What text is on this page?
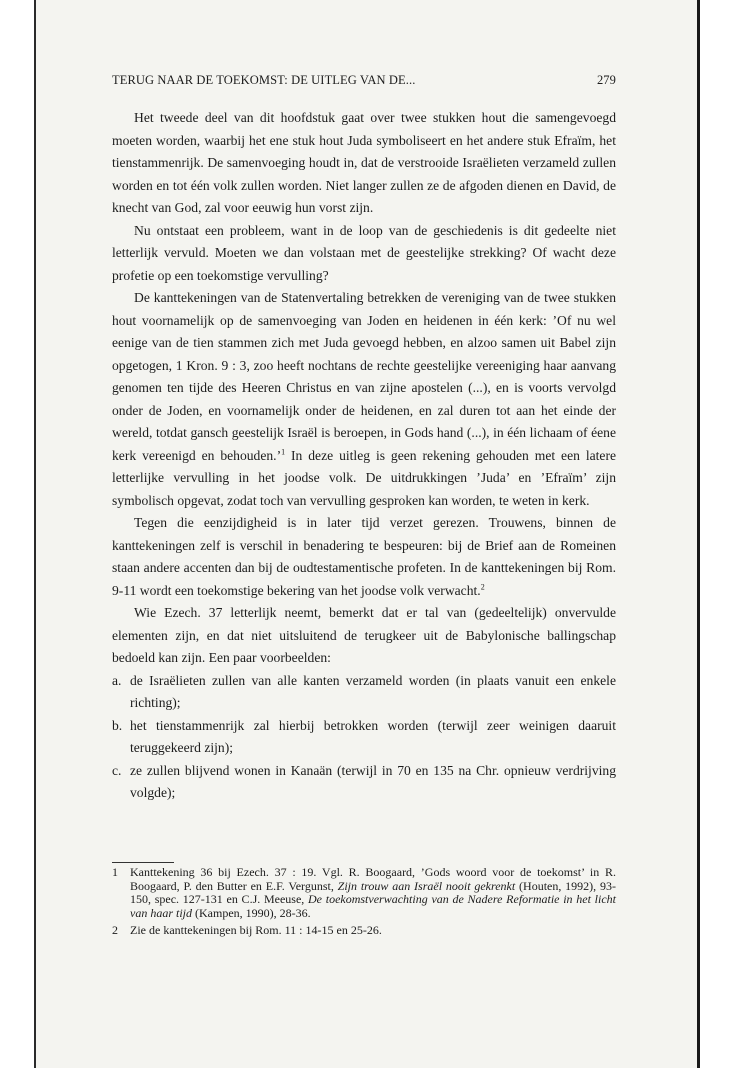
TERUG NAAR DE TOEKOMST: DE UITLEG VAN DE...	279

Het tweede deel van dit hoofdstuk gaat over twee stukken hout die samengevoegd moeten worden, waarbij het ene stuk hout Juda symboliseert en het andere stuk Efraïm, het tienstammenrijk. De samenvoeging houdt in, dat de verstrooide Israëlieten verzameld zullen worden en tot één volk zullen worden. Niet langer zullen ze de afgoden dienen en David, de knecht van God, zal voor eeuwig hun vorst zijn.

Nu ontstaat een probleem, want in de loop van de geschiedenis is dit gedeelte niet letterlijk vervuld. Moeten we dan volstaan met de geestelijke strekking? Of wacht deze profetie op een toekomstige vervulling?

De kanttekeningen van de Statenvertaling betrekken de vereniging van de twee stukken hout voornamelijk op de samenvoeging van Joden en heidenen in één kerk: ’Of nu wel eenige van de tien stammen zich met Juda gevoegd hebben, en alzoo samen uit Babel zijn opgetogen, 1 Kron. 9 : 3, zoo heeft nochtans de rechte geestelijke vereeniging haar aanvang genomen ten tijde des Heeren Christus en van zijne apostelen (...), en is voorts vervolgd onder de Joden, en voornamelijk onder de heidenen, en zal duren tot aan het einde der wereld, totdat gansch geestelijk Israël is beroepen, in Gods hand (...), in één lichaam of éene kerk vereenigd en behouden.’$^1$ In deze uitleg is geen rekening gehouden met een latere letterlijke vervulling in het joodse volk. De uitdrukkingen ’Juda’ en ’Efraïm’ zijn symbolisch opgevat, zodat toch van vervulling gesproken kan worden, te weten in kerk.

Tegen die eenzijdigheid is in later tijd verzet gerezen. Trouwens, binnen de kanttekeningen zelf is verschil in benadering te bespeuren: bij de Brief aan de Romeinen staan andere accenten dan bij de oudtestamentische profeten. In de kanttekeningen bij Rom. 9-11 wordt een toekomstige bekering van het joodse volk verwacht.$^2$

Wie Ezech. 37 letterlijk neemt, bemerkt dat er tal van (gedeeltelijk) onvervulde elementen zijn, en dat niet uitsluitend de terugkeer uit de Babylonische ballingschap bedoeld kan zijn. Een paar voorbeelden:

a. de Israëlieten zullen van alle kanten verzameld worden (in plaats vanuit een enkele richting);
b. het tienstammenrijk zal hierbij betrokken worden (terwijl zeer weinigen daaruit teruggekeerd zijn);
c. ze zullen blijvend wonen in Kanaän (terwijl in 70 en 135 na Chr. opnieuw verdrijving volgde);
1 Kanttekening 36 bij Ezech. 37 : 19. Vgl. R. Boogaard, ’Gods woord voor de toekomst’ in R. Boogaard, P. den Butter en E.F. Vergunst, Zijn trouw aan Israël nooit gekrenkt (Houten, 1992), 93-150, spec. 127-131 en C.J. Meeuse, De toekomstverwachting van de Nadere Reformatie in het licht van haar tijd (Kampen, 1990), 28-36.
2 Zie de kanttekeningen bij Rom. 11 : 14-15 en 25-26.
